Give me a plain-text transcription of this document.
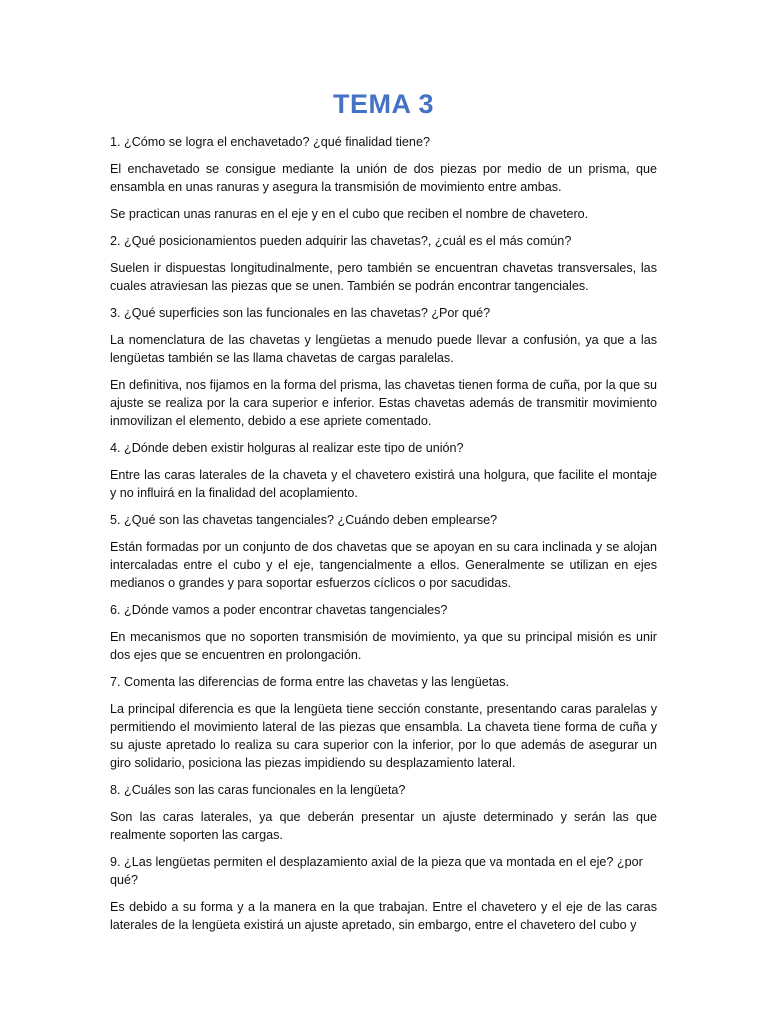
TEMA 3

1. ¿Cómo se logra el enchavetado? ¿qué finalidad tiene?

El enchavetado se consigue mediante la unión de dos piezas por medio de un prisma, que ensambla en unas ranuras y asegura la transmisión de movimiento entre ambas.

Se practican unas ranuras en el eje y en el cubo que reciben el nombre de chavetero.

2. ¿Qué posicionamientos pueden adquirir las chavetas?, ¿cuál es el más común?

Suelen ir dispuestas longitudinalmente, pero también se encuentran chavetas transversales, las cuales atraviesan las piezas que se unen. También se podrán encontrar tangenciales.

3. ¿Qué superficies son las funcionales en las chavetas? ¿Por qué?

La nomenclatura de las chavetas y lengüetas a menudo puede llevar a confusión, ya que a las lengüetas también se las llama chavetas de cargas paralelas.

En definitiva, nos fijamos en la forma del prisma, las chavetas tienen forma de cuña, por la que su ajuste se realiza por la cara superior e inferior. Estas chavetas además de transmitir movimiento inmovilizan el elemento, debido a ese apriete comentado.

4. ¿Dónde deben existir holguras al realizar este tipo de unión?

Entre las caras laterales de la chaveta y el chavetero existirá una holgura, que facilite el montaje y no influirá en la finalidad del acoplamiento.

5. ¿Qué son las chavetas tangenciales? ¿Cuándo deben emplearse?

Están formadas por un conjunto de dos chavetas que se apoyan en su cara inclinada y se alojan intercaladas entre el cubo y el eje, tangencialmente a ellos. Generalmente se utilizan en ejes medianos o grandes y para soportar esfuerzos cíclicos o por sacudidas.

6. ¿Dónde vamos a poder encontrar chavetas tangenciales?

En mecanismos que no soporten transmisión de movimiento, ya que su principal misión es unir dos ejes que se encuentren en prolongación.

7. Comenta las diferencias de forma entre las chavetas y las lengüetas.

La principal diferencia es que la lengüeta tiene sección constante, presentando caras paralelas y permitiendo el movimiento lateral de las piezas que ensambla. La chaveta tiene forma de cuña y su ajuste apretado lo realiza su cara superior con la inferior, por lo que además de asegurar un giro solidario, posiciona las piezas impidiendo su desplazamiento lateral.

8. ¿Cuáles son las caras funcionales en la lengüeta?

Son las caras laterales, ya que deberán presentar un ajuste determinado y serán las que realmente soporten las cargas.

9. ¿Las lengüetas permiten el desplazamiento axial de la pieza que va montada en el eje? ¿por qué?

Es debido a su forma y a la manera en la que trabajan. Entre el chavetero y el eje de las caras laterales de la lengüeta existirá un ajuste apretado, sin embargo, entre el chavetero del cubo y
